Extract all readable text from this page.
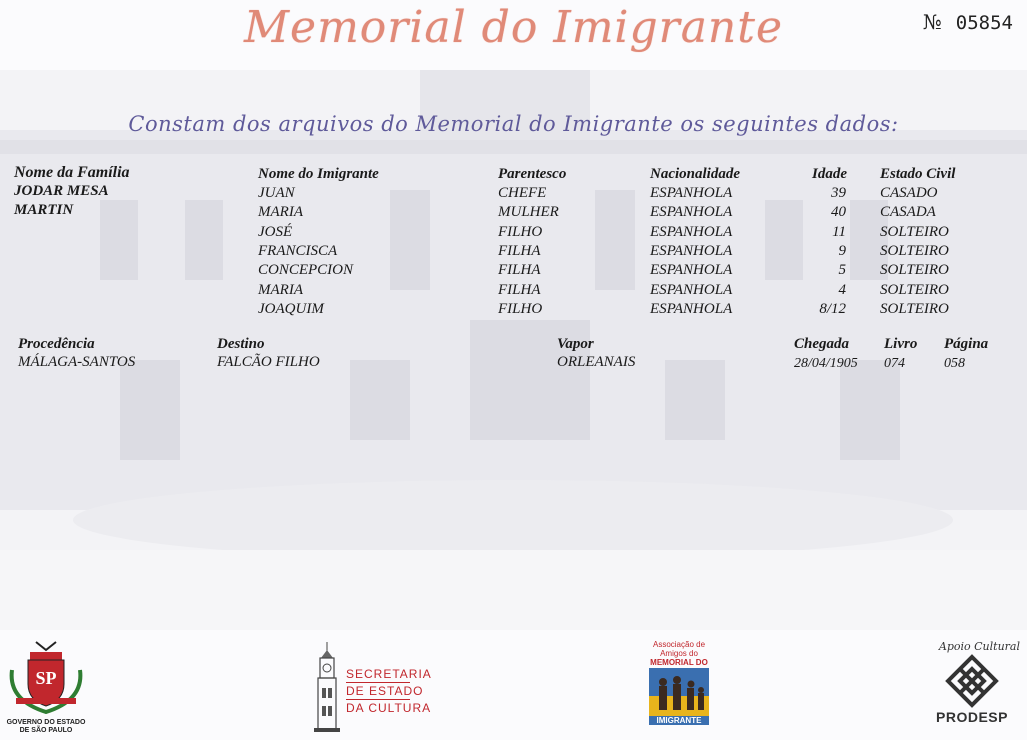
Memorial do Imigrante	№ 05854
Constam dos arquivos do Memorial do Imigrante os seguintes dados:
Nome da Família
JODAR MESA
MARTIN
Nome do Imigrante	Parentesco	Nacionalidade	Idade Estado Civil
JUAN	CHEFE	ESPANHOLA	39 CASADO
MARIA	MULHER	ESPANHOLA	40 CASADA
JOSÉ	FILHO	ESPANHOLA	11 SOLTEIRO
FRANCISCA	FILHA	ESPANHOLA	9 SOLTEIRO
CONCEPCION	FILHA	ESPANHOLA	5 SOLTEIRO
MARIA	FILHA	ESPANHOLA	4 SOLTEIRO
JOAQUIM	FILHO	ESPANHOLA	8/12 SOLTEIRO
Procedência
MÁLAGA-SANTOS
Destino
FALCÃO FILHO
Vapor
ORLEANAIS
Chegada
28/04/1905
Livro
074
Página
058
SP
GOVERNO DO ESTADO
DE SÃO PAULO
SECRETARIA
DE ESTADO
DA CULTURA
Associação de
Amigos do
MEMORIAL DO
IMIGRANTE
Apoio Cultural
PRODESP
